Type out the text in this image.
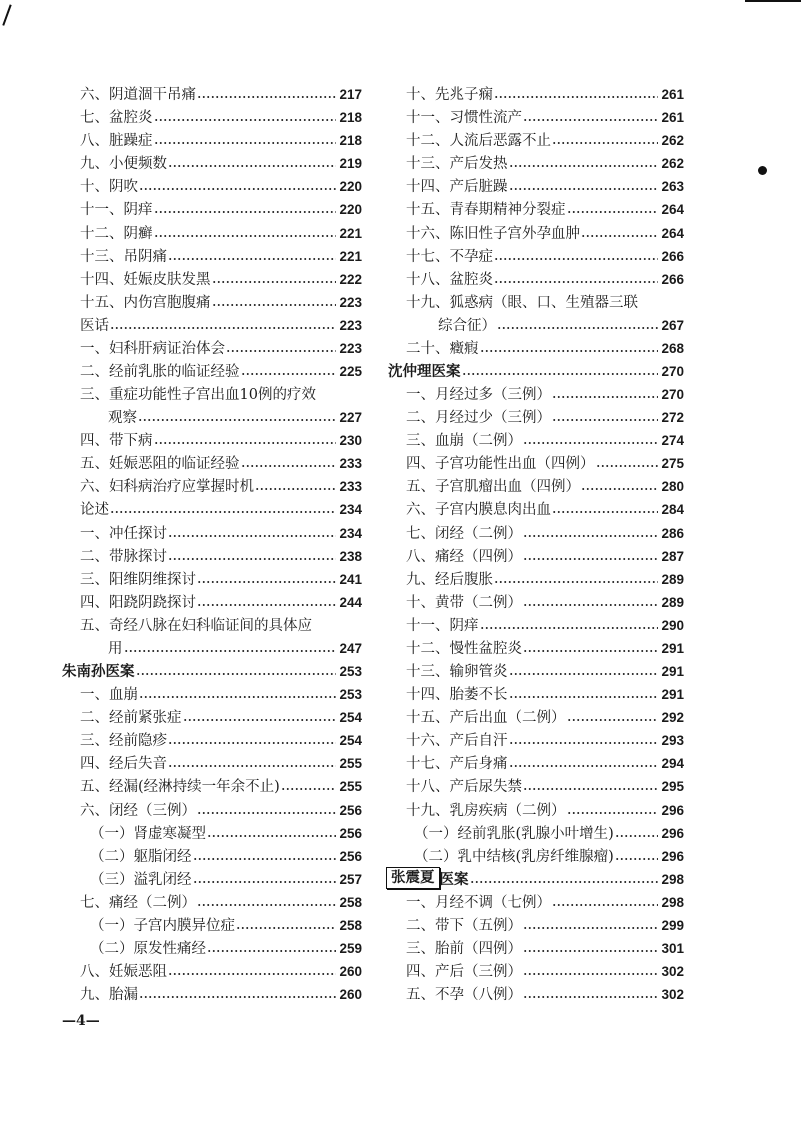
六、阴道涸干吊痛	217
七、盆腔炎	218
八、脏躁症	218
九、小便频数	219
十、阴吹	220
十一、阴痒	220
十二、阴癣	221
十三、吊阴痛	221
十四、妊娠皮肤发黑	222
十五、内伤宫胞腹痛	223
医话	223
一、妇科肝病证治体会	223
二、经前乳胀的临证经验	225
三、重症功能性子宫出血10例的疗效
观察	227
四、带下病	230
五、妊娠恶阻的临证经验	233
六、妇科病治疗应掌握时机	233
论述	234
一、冲任探讨	234
二、带脉探讨	238
三、阳维阴维探讨	241
四、阳跷阴跷探讨	244
五、奇经八脉在妇科临证间的具体应
用	247
朱南孙医案	253
一、血崩	253
二、经前紧张症	254
三、经前隐疹	254
四、经后失音	255
五、经漏(经淋持续一年余不止)	255
六、闭经（三例）	256
（一）肾虚寒凝型	256
（二）躯脂闭经	256
（三）溢乳闭经	257
七、痛经（二例）	258
（一）子宫内膜异位症	258
（二）原发性痛经	259
八、妊娠恶阻	260
九、胎漏	260
十、先兆子痫	261
十一、习惯性流产	261
十二、人流后恶露不止	262
十三、产后发热	262
十四、产后脏躁	263
十五、青春期精神分裂症	264
十六、陈旧性子宫外孕血肿	264
十七、不孕症	266
十八、盆腔炎	266
十九、狐惑病（眼、口、生殖器三联
综合征）	267
二十、癥瘕	268
沈仲理医案	270
一、月经过多（三例）	270
二、月经过少（三例）	272
三、血崩（二例）	274
四、子宫功能性出血（四例）	275
五、子宫肌瘤出血（四例）	280
六、子宫内膜息肉出血	284
七、闭经（二例）	286
八、痛经（四例）	287
九、经后腹胀	289
十、黄带（二例）	289
十一、阴痒	290
十二、慢性盆腔炎	291
十三、输卵管炎	291
十四、胎萎不长	291
十五、产后出血（二例）	292
十六、产后自汗	293
十七、产后身痛	294
十八、产后尿失禁	295
十九、乳房疾病（二例）	296
（一）经前乳胀(乳腺小叶增生)	296
（二）乳中结核(乳房纤维腺瘤)	296
张震夏 医案	298
一、月经不调（七例）	298
二、带下（五例）	299
三、胎前（四例）	301
四、产后（三例）	302
五、不孕（八例）	302
—4—
